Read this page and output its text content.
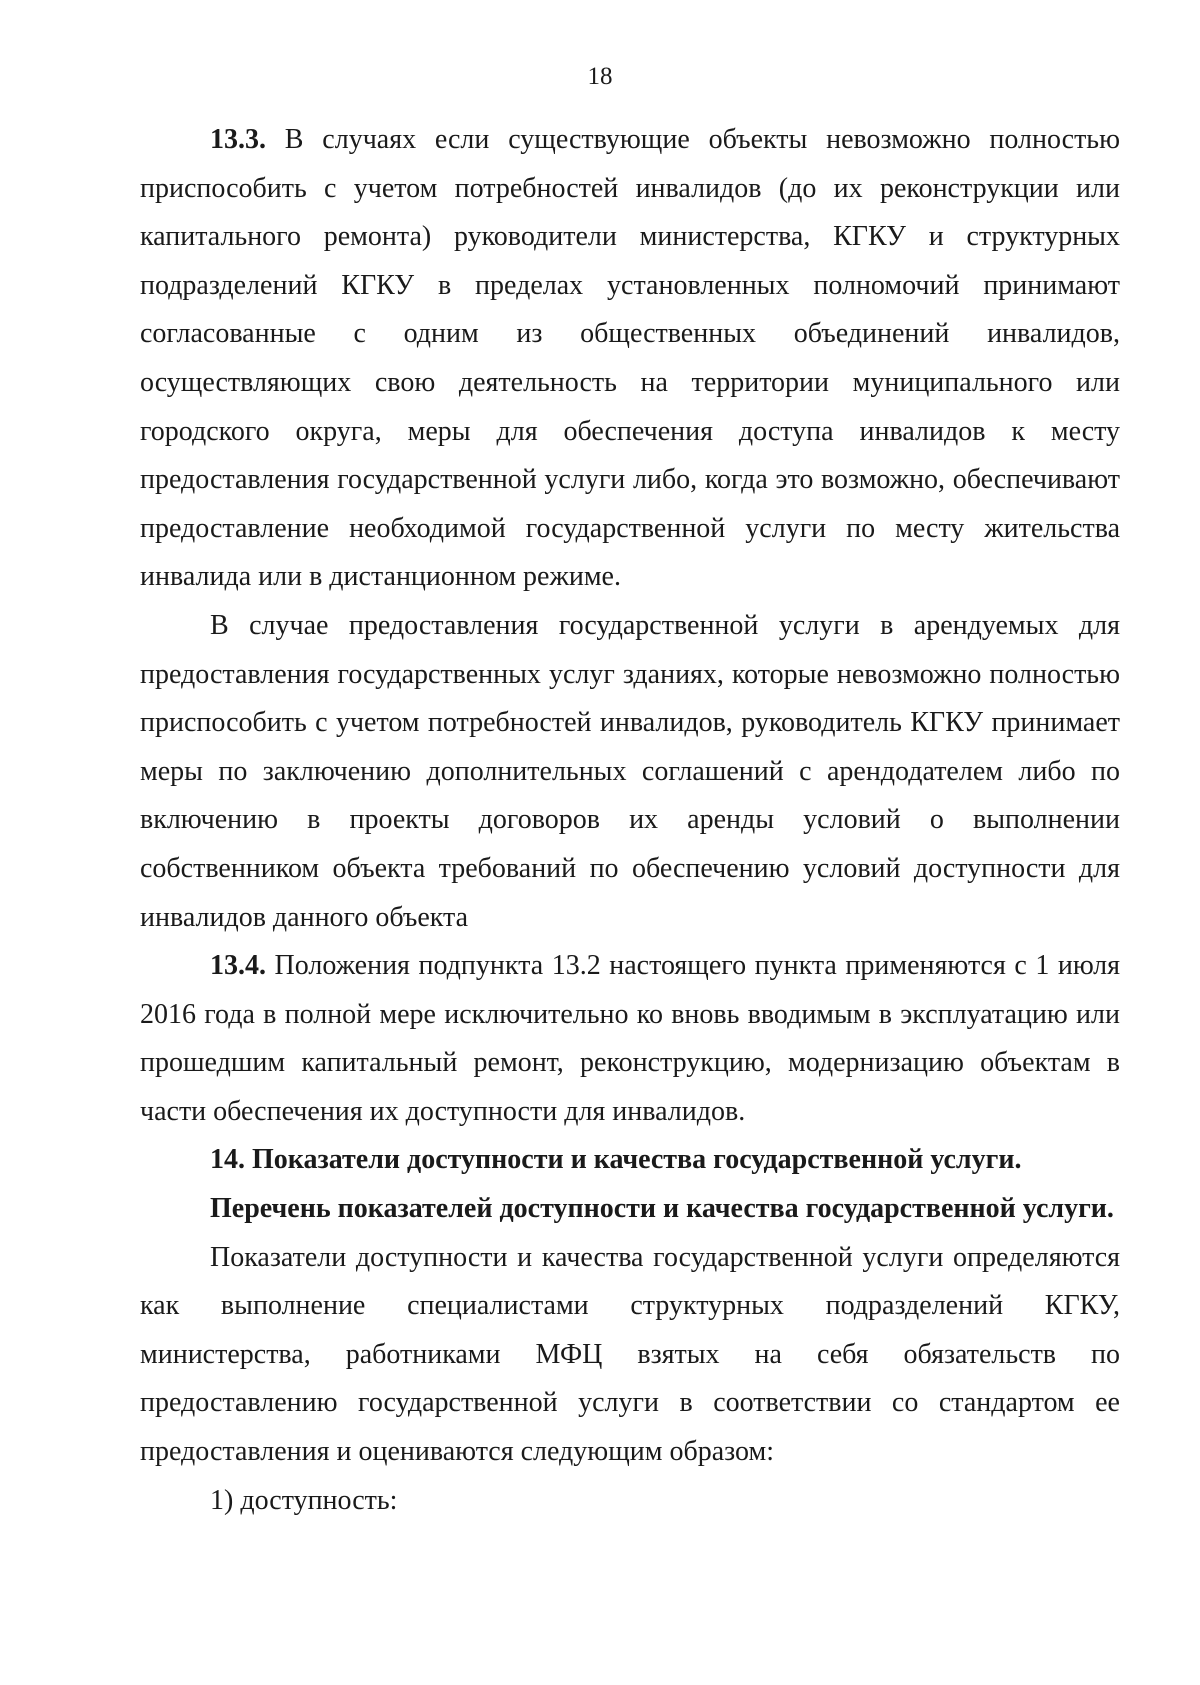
18

13.3. В случаях если существующие объекты невозможно полностью приспособить с учетом потребностей инвалидов (до их реконструкции или капитального ремонта) руководители министерства, КГКУ и структурных подразделений КГКУ в пределах установленных полномочий принимают согласованные с одним из общественных объединений инвалидов, осуществляющих свою деятельность на территории муниципального или городского округа, меры для обеспечения доступа инвалидов к месту предоставления государственной услуги либо, когда это возможно, обеспечивают предоставление необходимой государственной услуги по месту жительства инвалида или в дистанционном режиме.

В случае предоставления государственной услуги в арендуемых для предоставления государственных услуг зданиях, которые невозможно полностью приспособить с учетом потребностей инвалидов, руководитель КГКУ принимает меры по заключению дополнительных соглашений с арендодателем либо по включению в проекты договоров их аренды условий о выполнении собственником объекта требований по обеспечению условий доступности для инвалидов данного объекта

13.4. Положения подпункта 13.2 настоящего пункта применяются с 1 июля 2016 года в полной мере исключительно ко вновь вводимым в эксплуатацию или прошедшим капитальный ремонт, реконструкцию, модернизацию объектам в части обеспечения их доступности для инвалидов.

14. Показатели доступности и качества государственной услуги.

Перечень показателей доступности и качества государственной услуги.

Показатели доступности и качества государственной услуги определяются как выполнение специалистами структурных подразделений КГКУ, министерства, работниками МФЦ взятых на себя обязательств по предоставлению государственной услуги в соответствии со стандартом ее предоставления и оцениваются следующим образом:

1) доступность:
